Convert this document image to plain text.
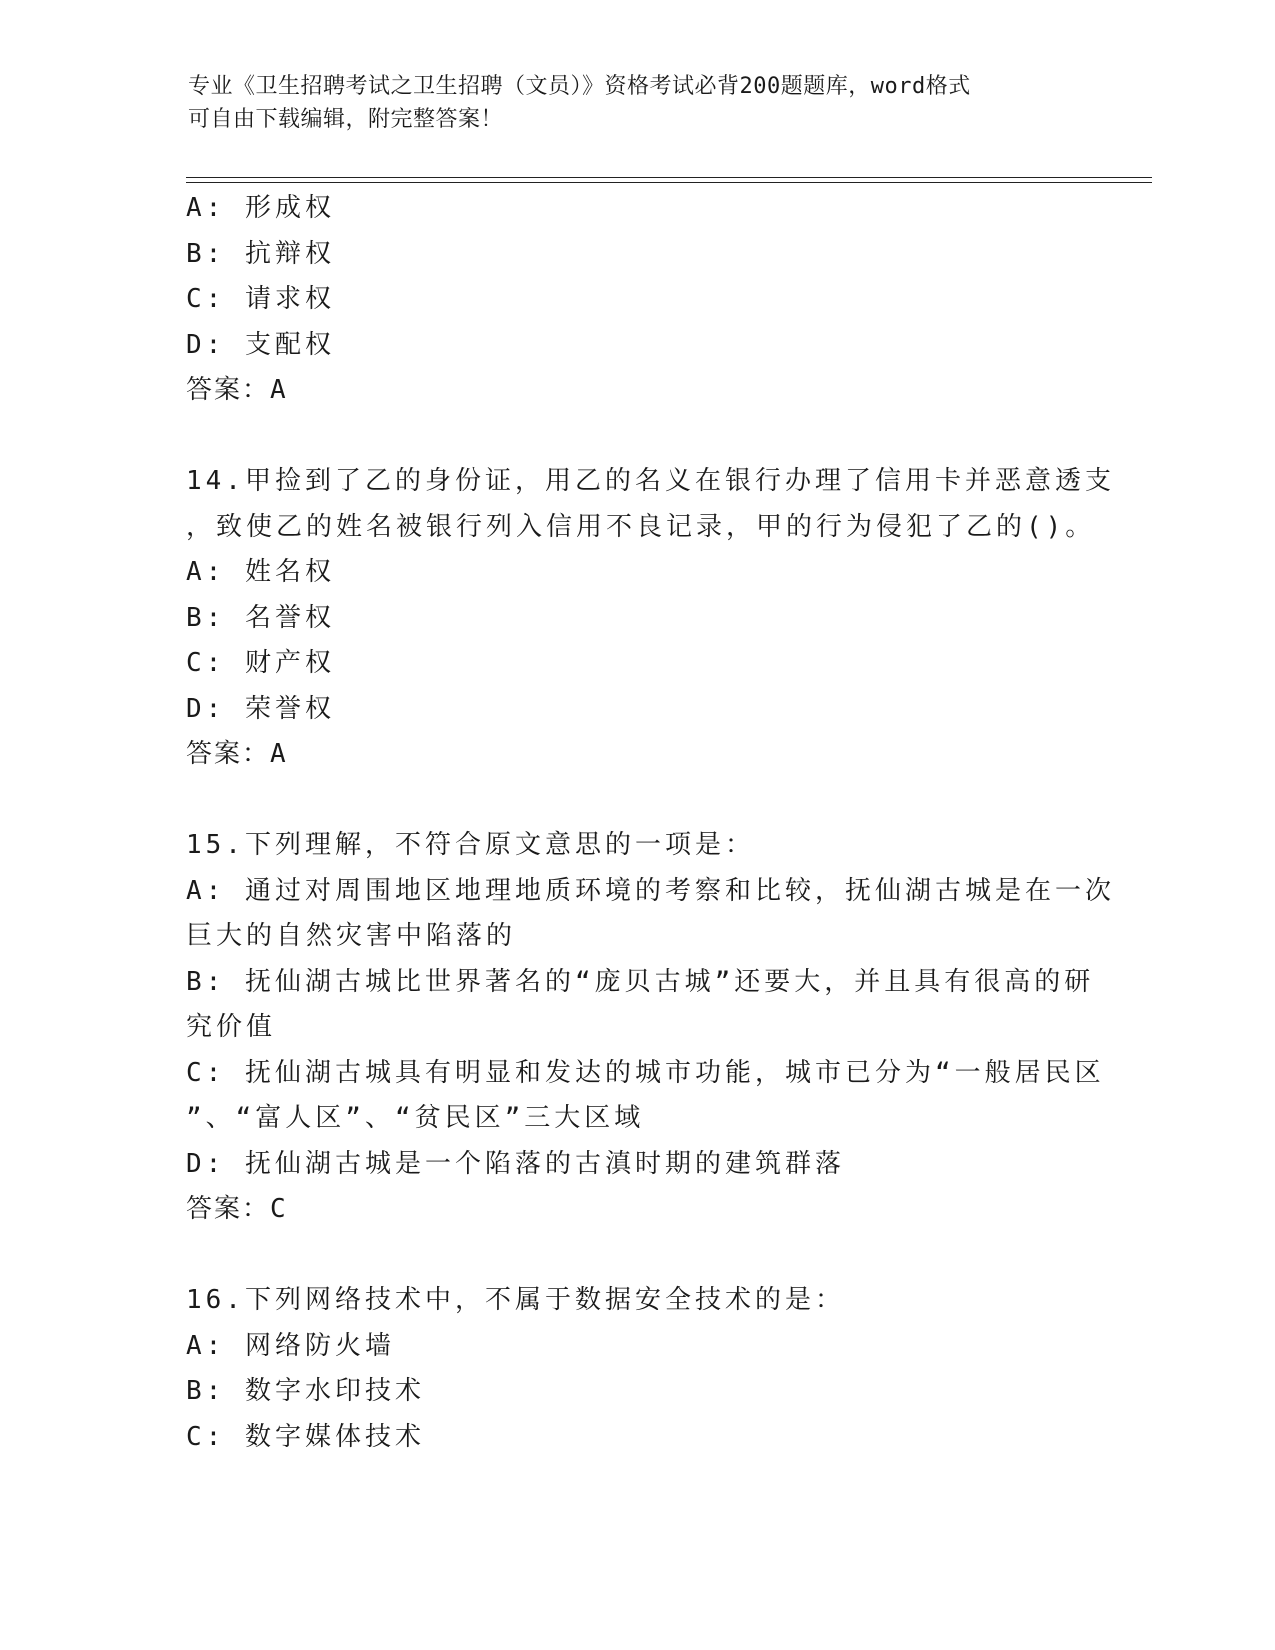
专业《卫生招聘考试之卫生招聘（文员）》资格考试必背200题题库，word格式
可自由下载编辑，附完整答案！
A: 形成权
B: 抗辩权
C: 请求权
D: 支配权
答案：A
14.甲捡到了乙的身份证，用乙的名义在银行办理了信用卡并恶意透支
，致使乙的姓名被银行列入信用不良记录，甲的行为侵犯了乙的()。
A: 姓名权
B: 名誉权
C: 财产权
D: 荣誉权
答案：A
15.下列理解，不符合原文意思的一项是：
A: 通过对周围地区地理地质环境的考察和比较，抚仙湖古城是在一次
巨大的自然灾害中陷落的
B: 抚仙湖古城比世界著名的“庞贝古城”还要大，并且具有很高的研
究价值
C: 抚仙湖古城具有明显和发达的城市功能，城市已分为“一般居民区
”、“富人区”、“贫民区”三大区域
D: 抚仙湖古城是一个陷落的古滇时期的建筑群落
答案：C
16.下列网络技术中，不属于数据安全技术的是：
A: 网络防火墙
B: 数字水印技术
C: 数字媒体技术
